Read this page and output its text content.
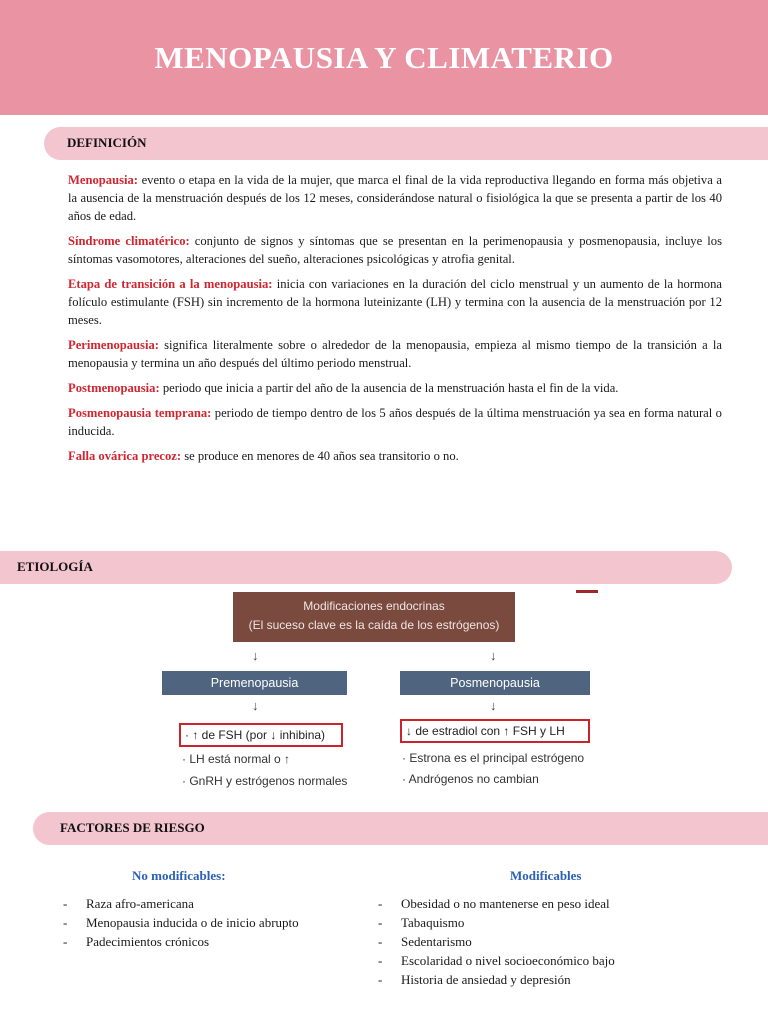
MENOPAUSIA Y CLIMATERIO
DEFINICIÓN

Menopausia: evento o etapa en la vida de la mujer, que marca el final de la vida reproductiva llegando en forma más objetiva a la ausencia de la menstruación después de los 12 meses, considerándose natural o fisiológica la que se presenta a partir de los 40 años de edad.

Síndrome climatérico: conjunto de signos y síntomas que se presentan en la perimenopausia y posmenopausia, incluye los síntomas vasomotores, alteraciones del sueño, alteraciones psicológicas y atrofia genital.

Etapa de transición a la menopausia: inicia con variaciones en la duración del ciclo menstrual y un aumento de la hormona folículo estimulante (FSH) sin incremento de la hormona luteinizante (LH) y termina con la ausencia de la menstruación por 12 meses.

Perimenopausia: significa literalmente sobre o alrededor de la menopausia, empieza al mismo tiempo de la transición a la menopausia y termina un año después del último periodo menstrual.

Postmenopausia: periodo que inicia a partir del año de la ausencia de la menstruación hasta el fin de la vida.

Posmenopausia temprana: periodo de tiempo dentro de los 5 años después de la última menstruación ya sea en forma natural o inducida.

Falla ovárica precoz: se produce en menores de 40 años sea transitorio o no.

ETIOLOGÍA
Modificaciones endocrinas
(El suceso clave es la caída de los estrógenos)
↓	↓
Premenopausia	Posmenopausia
↓	↓
· ↑ de FSH (por ↓ inhibina)	↓ de estradiol con ↑ FSH y LH
· LH está normal o ↑
· GnRH y estrógenos normales
· Estrona es el principal estrógeno
· Andrógenos no cambian
FACTORES DE RIESGO
No modificables:
- Raza afro-americana
- Menopausia inducida o de inicio abrupto
- Padecimientos crónicos
Modificables
- Obesidad o no mantenerse en peso ideal
- Tabaquismo
- Sedentarismo
- Escolaridad o nivel socioeconómico bajo
- Historia de ansiedad y depresión
